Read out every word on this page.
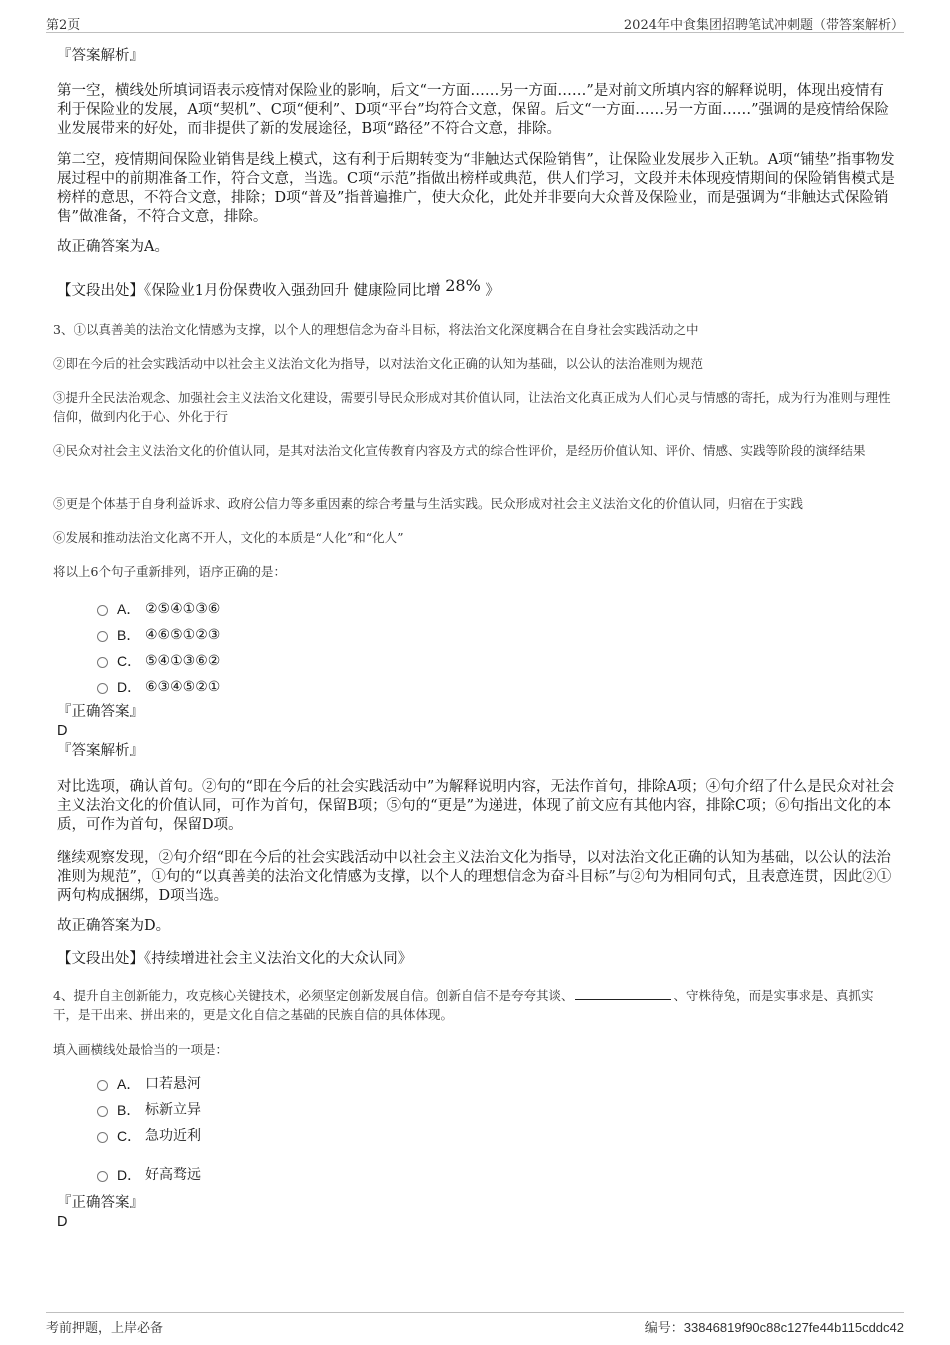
第2页	2024年中食集团招聘笔试冲刺题（带答案解析）
『答案解析』
第一空，横线处所填词语表示疫情对保险业的影响，后文“一方面……另一方面……”是对前文所填内容的解释说明，体现出疫情有利于保险业的发展，A项“契机”、C项“便利”、D项“平台”均符合文意，保留。后文“一方面……另一方面……”强调的是疫情给保险业发展带来的好处，而非提供了新的发展途径，B项“路径”不符合文意，排除。
第二空，疫情期间保险业销售是线上模式，这有利于后期转变为“非触达式保险销售”，让保险业发展步入正轨。A项“铺垫”指事物发展过程中的前期准备工作，符合文意，当选。C项“示范”指做出榜样或典范，供人们学习，文段并未体现疫情期间的保险销售模式是榜样的意思，不符合文意，排除；D项“普及”指普遍推广，使大众化，此处并非要向大众普及保险业，而是强调为“非触达式保险销售”做准备，不符合文意，排除。
故正确答案为A。
【文段出处】《保险业1月份保费收入强劲回升 健康险同比增 28% 》
3、①以真善美的法治文化情感为支撑，以个人的理想信念为奋斗目标，将法治文化深度耦合在自身社会实践活动之中
②即在今后的社会实践活动中以社会主义法治文化为指导，以对法治文化正确的认知为基础，以公认的法治准则为规范
③提升全民法治观念、加强社会主义法治文化建设，需要引导民众形成对其价值认同，让法治文化真正成为人们心灵与情感的寄托，成为行为准则与理性信仰，做到内化于心、外化于行
④民众对社会主义法治文化的价值认同，是其对法治文化宣传教育内容及方式的综合性评价，是经历价值认知、评价、情感、实践等阶段的演绎结果
⑤更是个体基于自身利益诉求、政府公信力等多重因素的综合考量与生活实践。民众形成对社会主义法治文化的价值认同，归宿在于实践
⑥发展和推动法治文化离不开人，文化的本质是“人化”和“化人”
将以上6个句子重新排列，语序正确的是：
A． ②⑤④①③⑥
B． ④⑥⑤①②③
C． ⑤④①③⑥②
D． ⑥③④⑤②①
『正确答案』
D
『答案解析』
对比选项，确认首句。②句的“即在今后的社会实践活动中”为解释说明内容，无法作首句，排除A项；④句介绍了什么是民众对社会主义法治文化的价值认同，可作为首句，保留B项；⑤句的“更是”为递进，体现了前文应有其他内容，排除C项；⑥句指出文化的本质，可作为首句，保留D项。
继续观察发现，②句介绍“即在今后的社会实践活动中以社会主义法治文化为指导，以对法治文化正确的认知为基础，以公认的法治准则为规范”，①句的“以真善美的法治文化情感为支撑，以个人的理想信念为奋斗目标”与②句为相同句式，且表意连贯，因此②①两句构成捆绑，D项当选。
故正确答案为D。
【文段出处】《持续增进社会主义法治文化的大众认同》
4、提升自主创新能力，攻克核心关键技术，必须坚定创新发展自信。创新自信不是夸夸其谈、	、守株待兔，而是实事求是、真抓实干，是干出来、拼出来的，更是文化自信之基础的民族自信的具体体现。
填入画横线处最恰当的一项是：
A． 口若悬河
B． 标新立异
C． 急功近利
D． 好高骛远
『正确答案』
D
考前押题，上岸必备	编号：33846819f90c88c127fe44b115cddc42
